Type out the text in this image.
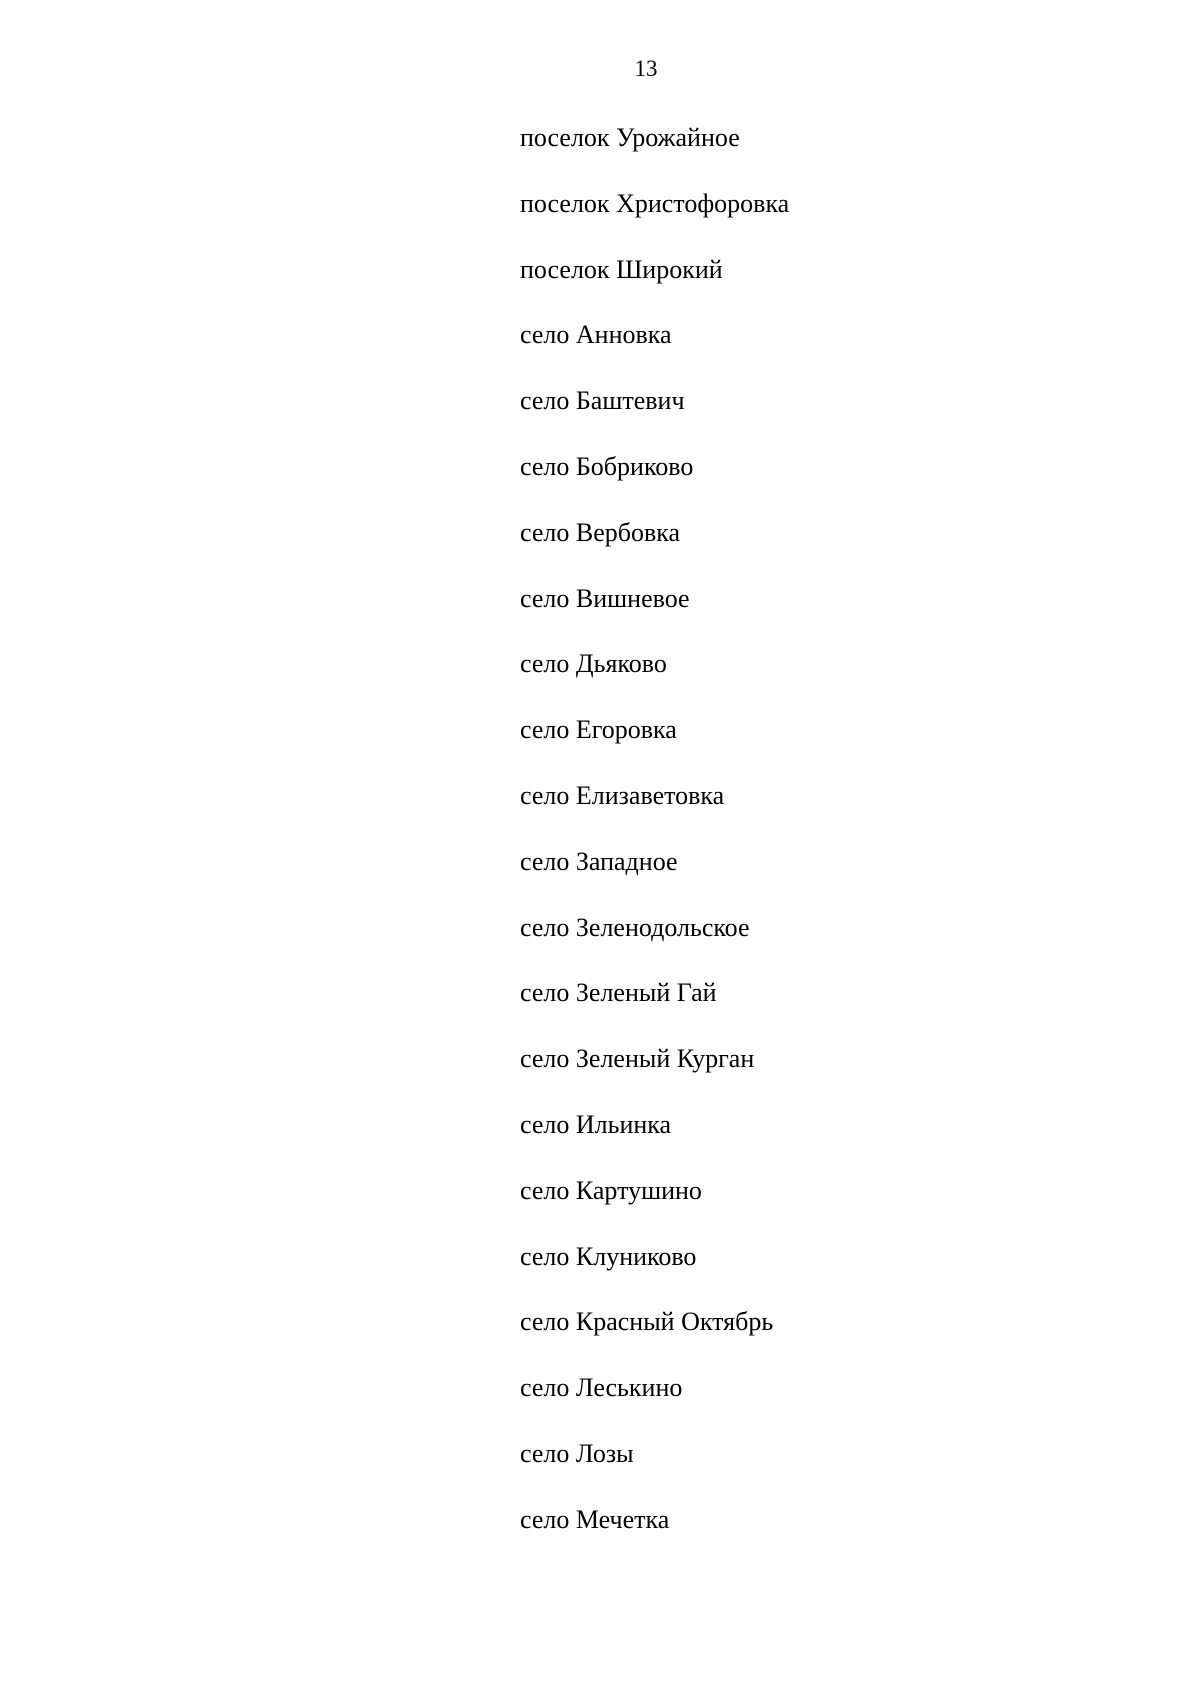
13
поселок Урожайное
поселок Христофоровка
поселок Широкий
село Анновка
село Баштевич
село Бобриково
село Вербовка
село Вишневое
село Дьяково
село Егоровка
село Елизаветовка
село Западное
село Зеленодольское
село Зеленый Гай
село Зеленый Курган
село Ильинка
село Картушино
село Клуниково
село Красный Октябрь
село Леськино
село Лозы
село Мечетка
